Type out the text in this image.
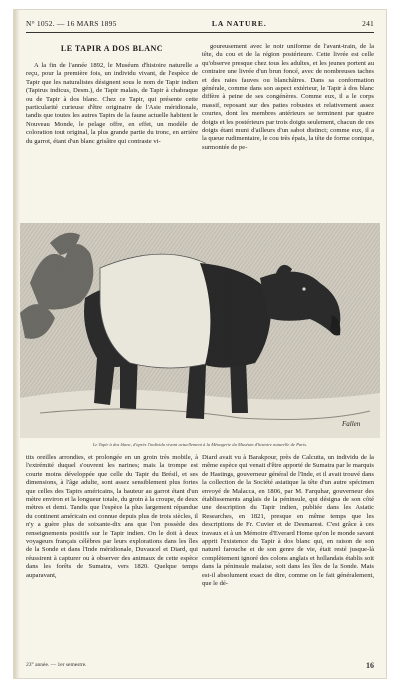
N° 1052. — 16 MARS 1895	LA NATURE.	241
LE TAPIR A DOS BLANC

A la fin de l'année 1892, le Muséum d'histoire naturelle a reçu, pour la première fois, un individu vivant, de l'espèce de Tapir que les naturalistes désignent sous le nom de Tapir indien (Tapirus indicus, Desm.), de Tapir malais, de Tapir à chabraque ou de Tapir à dos blanc. Chez ce Tapir, qui présente cette particularité curieuse d'être originaire de l'Asie méridionale, tandis que toutes les autres Tapirs de la faune actuelle habitent le Nouveau Monde, le pelage offre, en effet, un modèle de coloration tout original, la plus grande partie du tronc, en arrière du garrot, étant d'un blanc grisâtre qui contraste vi-

goureusement avec le noir uniforme de l'avant-train, de la tête, du cou et de la région postérieure. Cette livrée est celle qu'observe presque chez tous les adultes, et les jeunes portent au contraire une livrée d'un brun foncé, avec de nombreuses taches et des raies fauves ou blanchâtres. Dans sa conformation générale, comme dans son aspect extérieur, le Tapir à dos blanc diffère à peine de ses congénères. Comme eux, il a le corps massif, reposant sur des pattes robustes et relativement assez courtes, dont les membres antérieurs se terminent par quatre doigts et les postérieurs par trois doigts seulement, chacun de ces doigts étant muni d'ailleurs d'un sabot distinct; comme eux, il a la queue rudimentaire, le cou très épais, la tête de forme conique, surmontée de pe-

Fallen
Le Tapir à dos blanc, d'après l'individu vivant actuellement à la Ménagerie du Muséum d'histoire naturelle de Paris.

tits oreilles arrondies, et prolongée en un groin très mobile, à l'extrémité duquel s'ouvrent les narines; mais la trompe est courte moins développée que celle du Tapir du Brésil, et ses dimensions, à l'âge adulte, sont assez sensiblement plus fortes que celles des Tapirs américains, la hauteur au garrot étant d'un mètre environ et la longueur totale, du groin à la croupe, de deux mètres et demi. Tandis que l'espèce la plus largement répandue du continent américain est connue depuis plus de trois siècles, il n'y a guère plus de soixante-dix ans que l'on possède des renseignements positifs sur le Tapir indien. On le doit à deux voyageurs français célèbres par leurs explorations dans les îles de la Sonde et dans l'Inde méridionale, Duvaucel et Diard, qui réussirent à capturer ou à observer des animaux de cette espèce dans les forêts de Sumatra, vers 1820. Quelque temps auparavant,

Diard avait vu à Barakpour, près de Calcutta, un individu de la même espèce qui venait d'être apporté de Sumatra par le marquis de Hastings, gouverneur général de l'Inde, et il avait trouvé dans la collection de la Société asiatique la tête d'un autre spécimen envoyé de Malacca, en 1806, par M. Farquhar, gouverneur des établissements anglais de la péninsule, qui désigna de son côté une description du Tapir indien, publiée dans les Asiatic Researches, en 1821, presque en même temps que les descriptions de Fr. Cuvier et de Desmarest. C'est grâce à ces travaux et à un Mémoire d'Everard Home qu'on le monde savant apprit l'existence du Tapir à dos blanc qui, en raison de son naturel farouche et de son genre de vie, était resté jusque-là complètement ignoré des colons anglais et hollandais établis soit dans la péninsule malaise, soit dans les îles de la Sonde. Mais est-il absolument exact de dire, comme on le fait généralement, que le dé-

23° année. — 1er semestre.	16
